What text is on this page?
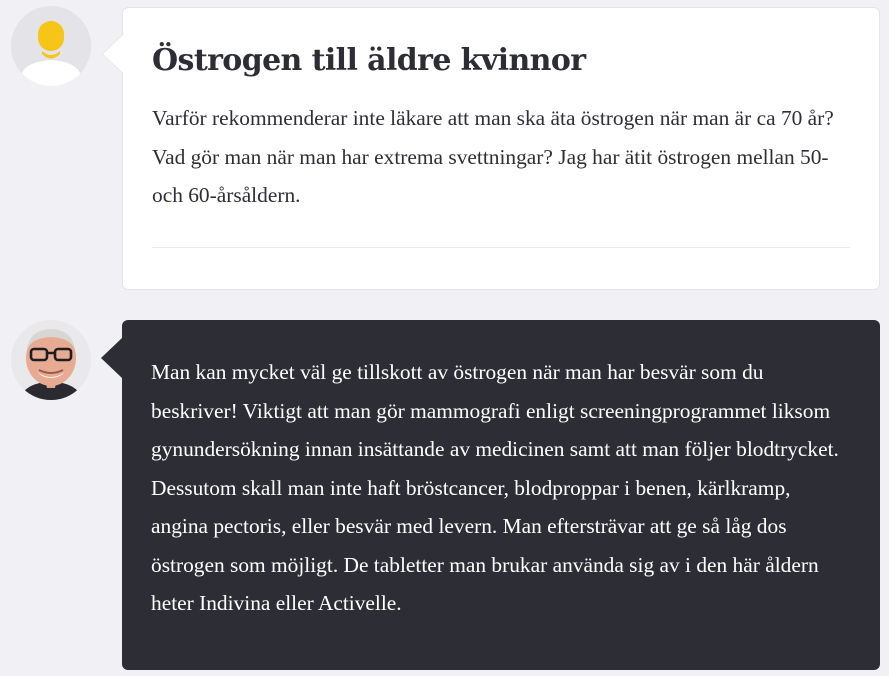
Östrogen till äldre kvinnor

Varför rekommenderar inte läkare att man ska äta östrogen när man är ca 70 år? Vad gör man när man har extrema svettningar? Jag har ätit östrogen mellan 50- och 60-årsåldern.

Man kan mycket väl ge tillskott av östrogen när man har besvär som du beskriver! Viktigt att man gör mammografi enligt screeningprogrammet liksom gynundersökning innan insättande av medicinen samt att man följer blodtrycket. Dessutom skall man inte haft bröstcancer, blodproppar i benen, kärlkramp, angina pectoris, eller besvär med levern. Man eftersträvar att ge så låg dos östrogen som möjligt. De tabletter man brukar använda sig av i den här åldern heter Indivina eller Activelle.
